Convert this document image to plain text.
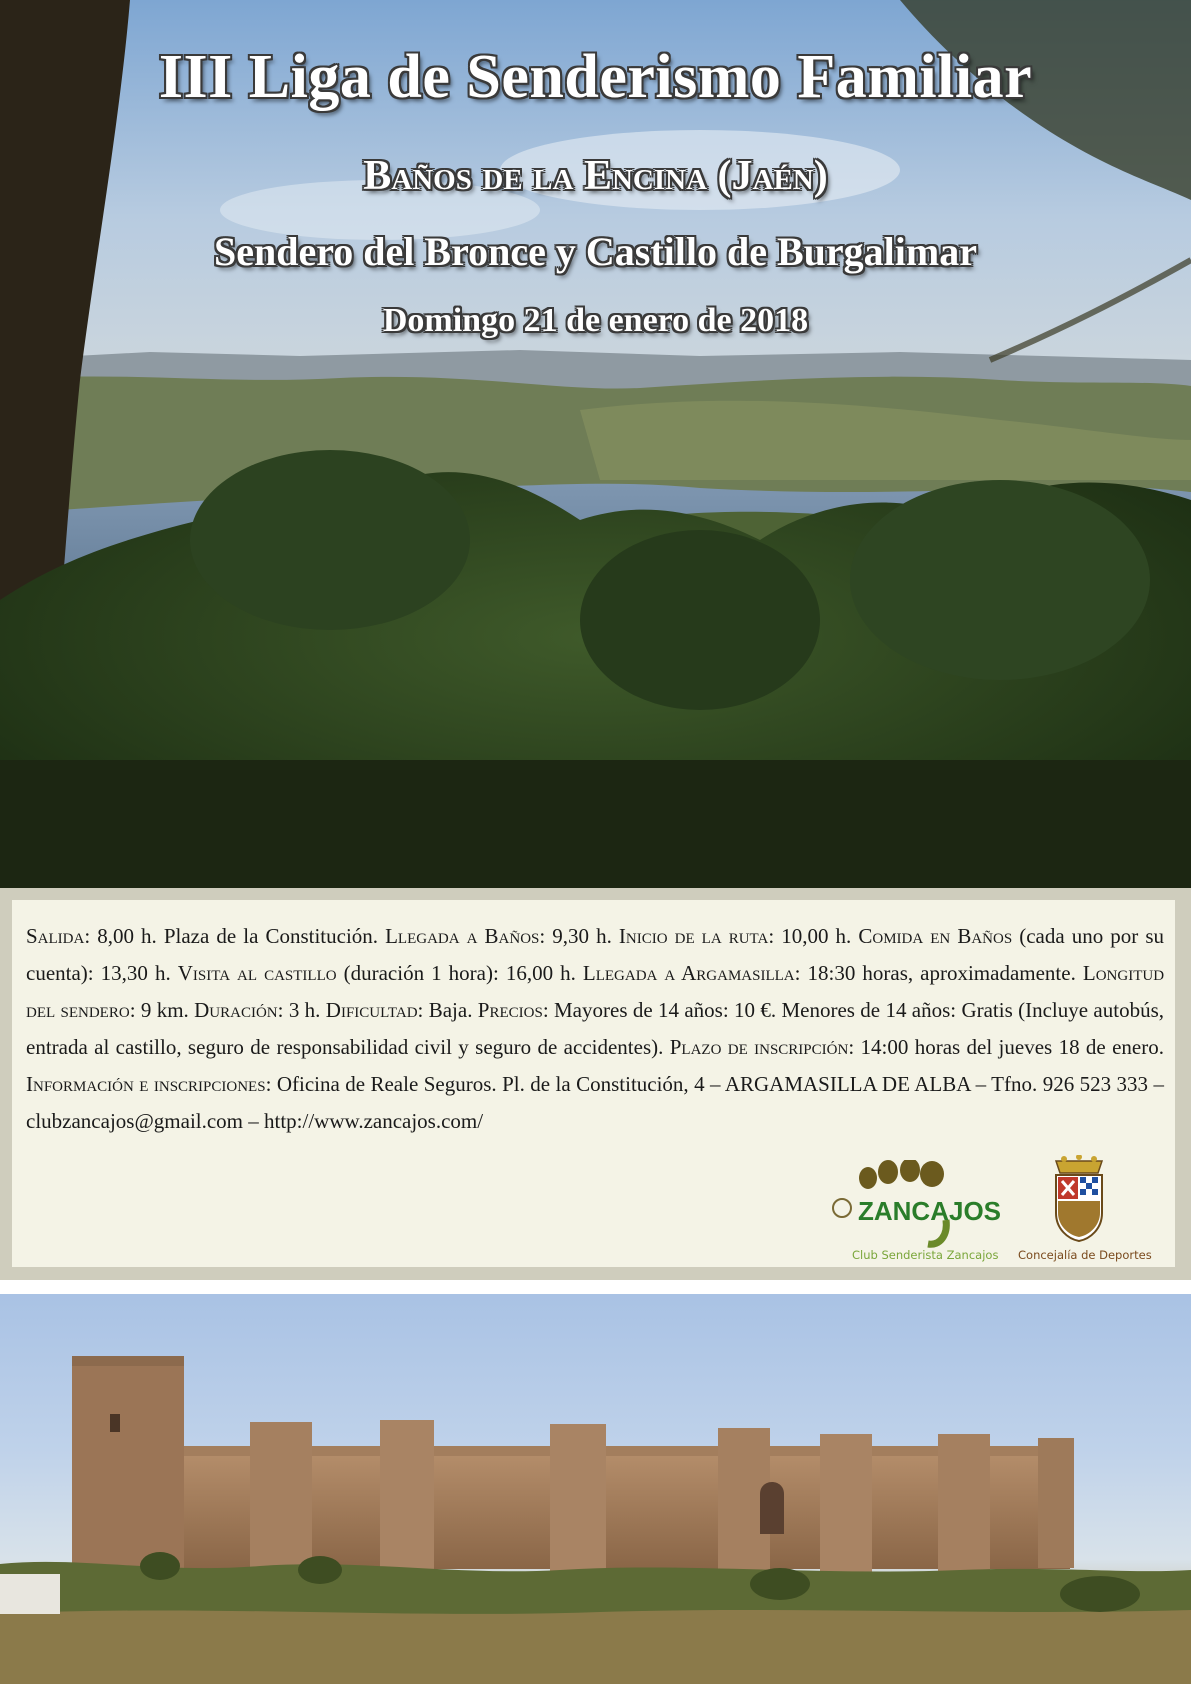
III Liga de Senderismo Familiar
Baños de la Encina (Jaén)
Sendero del Bronce y Castillo de Burgalimar
Domingo 21 de enero de 2018
Salida: 8,00 h. Plaza de la Constitución. Llegada a Baños: 9,30 h. Inicio de la ruta: 10,00 h. Comida en Baños (cada uno por su cuenta): 13,30 h. Visita al castillo (duración 1 hora): 16,00 h. Llegada a Argamasilla: 18:30 horas, aproximadamente. Longitud del sendero: 9 km. Duración: 3 h. Dificultad: Baja. Precios: Mayores de 14 años: 10 €. Menores de 14 años: Gratis (Incluye autobús, entrada al castillo, seguro de responsabilidad civil y seguro de accidentes). Plazo de inscripción: 14:00 horas del jueves 18 de enero. Información e inscripciones: Oficina de Reale Seguros. Pl. de la Constitución, 4 – ARGAMASILLA DE ALBA – Tfno. 926 523 333 – clubzancajos@gmail.com – http://www.zancajos.com/
ZANCAJOS
Club Senderista Zancajos Concejalía de Deportes
